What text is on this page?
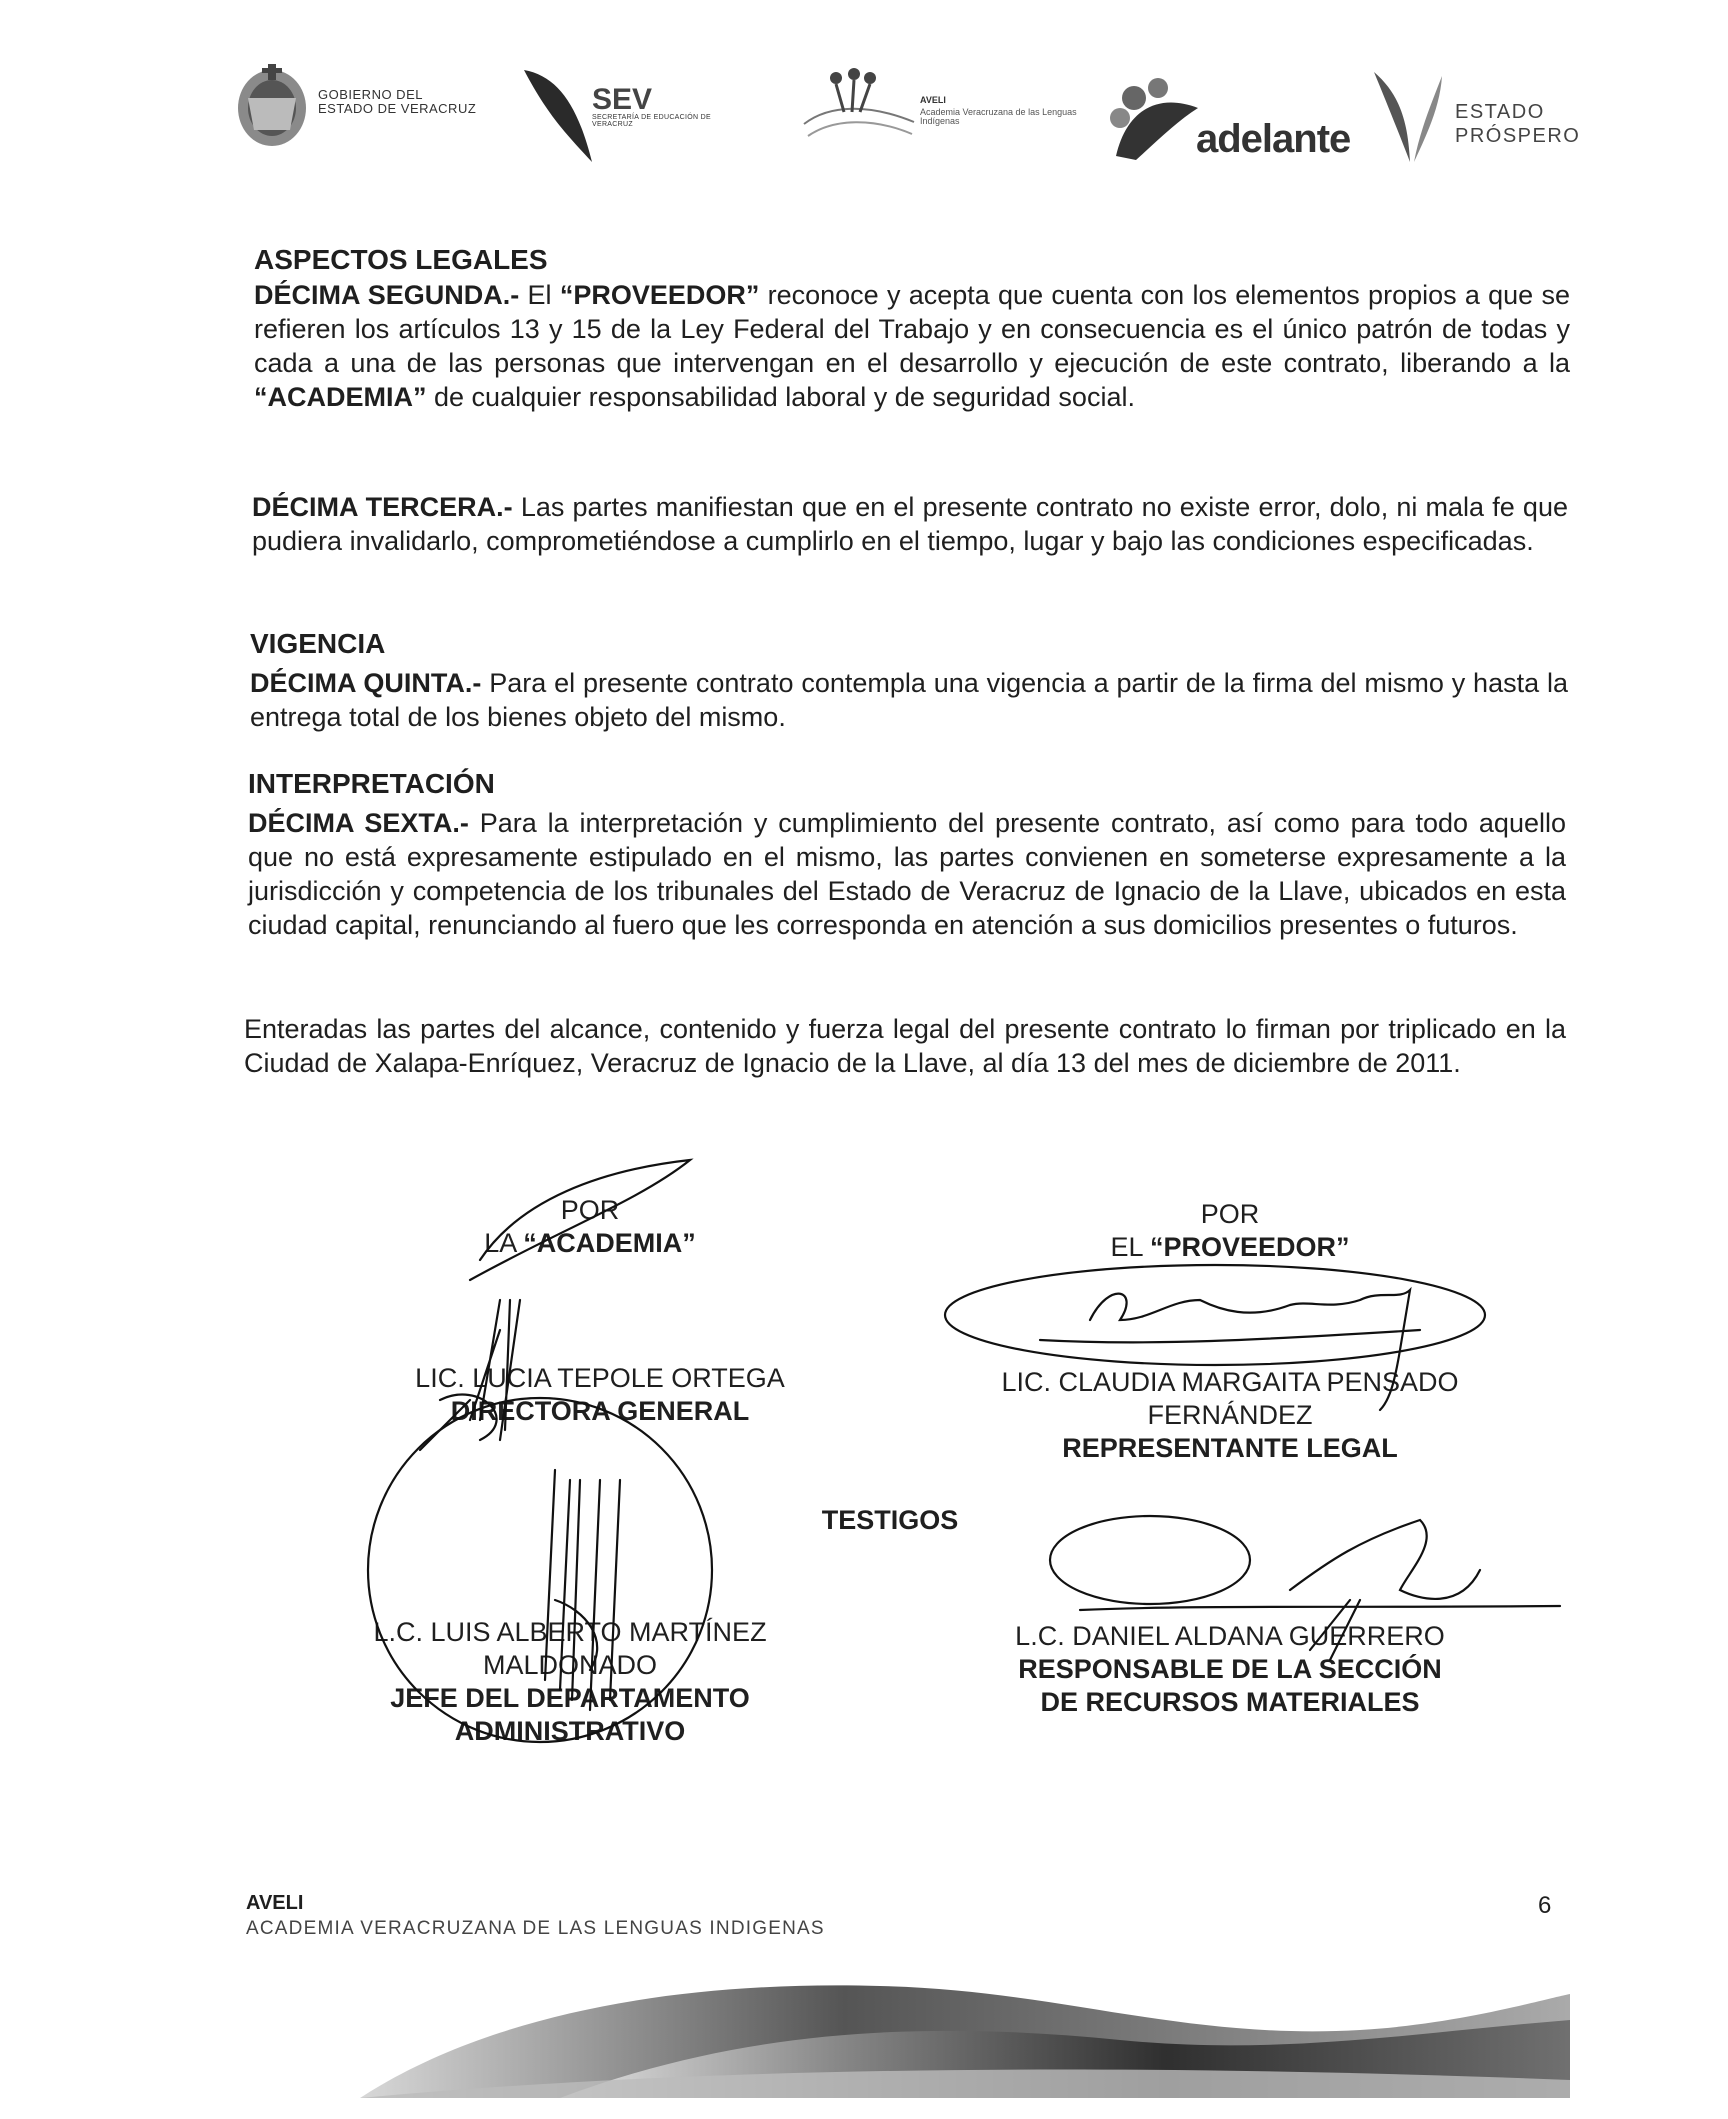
GOBIERNO DEL
ESTADO DE VERACRUZ	SEV
SECRETARÍA DE EDUCACIÓN DE VERACRUZ
AVELI
Academia Veracruzana de las Lenguas Indígenas	adelante
ESTADO
PRÓSPERO
ASPECTOS LEGALES
DÉCIMA SEGUNDA.- El “PROVEEDOR” reconoce y acepta que cuenta con los elementos propios a que se refieren los artículos 13 y 15 de la Ley Federal del Trabajo y en consecuencia es el único patrón de todas y cada a una de las personas que intervengan en el desarrollo y ejecución de este contrato, liberando a la “ACADEMIA” de cualquier responsabilidad laboral y de seguridad social.
DÉCIMA TERCERA.- Las partes manifiestan que en el presente contrato no existe error, dolo, ni mala fe que pudiera invalidarlo, comprometiéndose a cumplirlo en el tiempo, lugar y bajo las condiciones especificadas.
VIGENCIA
DÉCIMA QUINTA.- Para el presente contrato contempla una vigencia a partir de la firma del mismo y hasta la entrega total de los bienes objeto del mismo.
INTERPRETACIÓN
DÉCIMA SEXTA.- Para la interpretación y cumplimiento del presente contrato, así como para todo aquello que no está expresamente estipulado en el mismo, las partes convienen en someterse expresamente a la jurisdicción y competencia de los tribunales del Estado de Veracruz de Ignacio de la Llave, ubicados en esta ciudad capital, renunciando al fuero que les corresponda en atención a sus domicilios presentes o futuros.
Enteradas las partes del alcance, contenido y fuerza legal del presente contrato lo firman por triplicado en la Ciudad de Xalapa-Enríquez, Veracruz de Ignacio de la Llave, al día 13 del mes de diciembre de 2011.
POR
LA “ACADEMIA”
POR
EL “PROVEEDOR”
LIC. LUCIA TEPOLE ORTEGA
DIRECTORA GENERAL
LIC. CLAUDIA MARGAITA PENSADO
FERNÁNDEZ
REPRESENTANTE LEGAL
TESTIGOS
L.C. LUIS ALBERTO MARTÍNEZ
MALDONADO
JEFE DEL DEPARTAMENTO
ADMINISTRATIVO
L.C. DANIEL ALDANA GUERRERO
RESPONSABLE DE LA SECCIÓN
DE RECURSOS MATERIALES
AVELI
ACADEMIA VERACRUZANA DE LAS LENGUAS INDIGENAS
6
